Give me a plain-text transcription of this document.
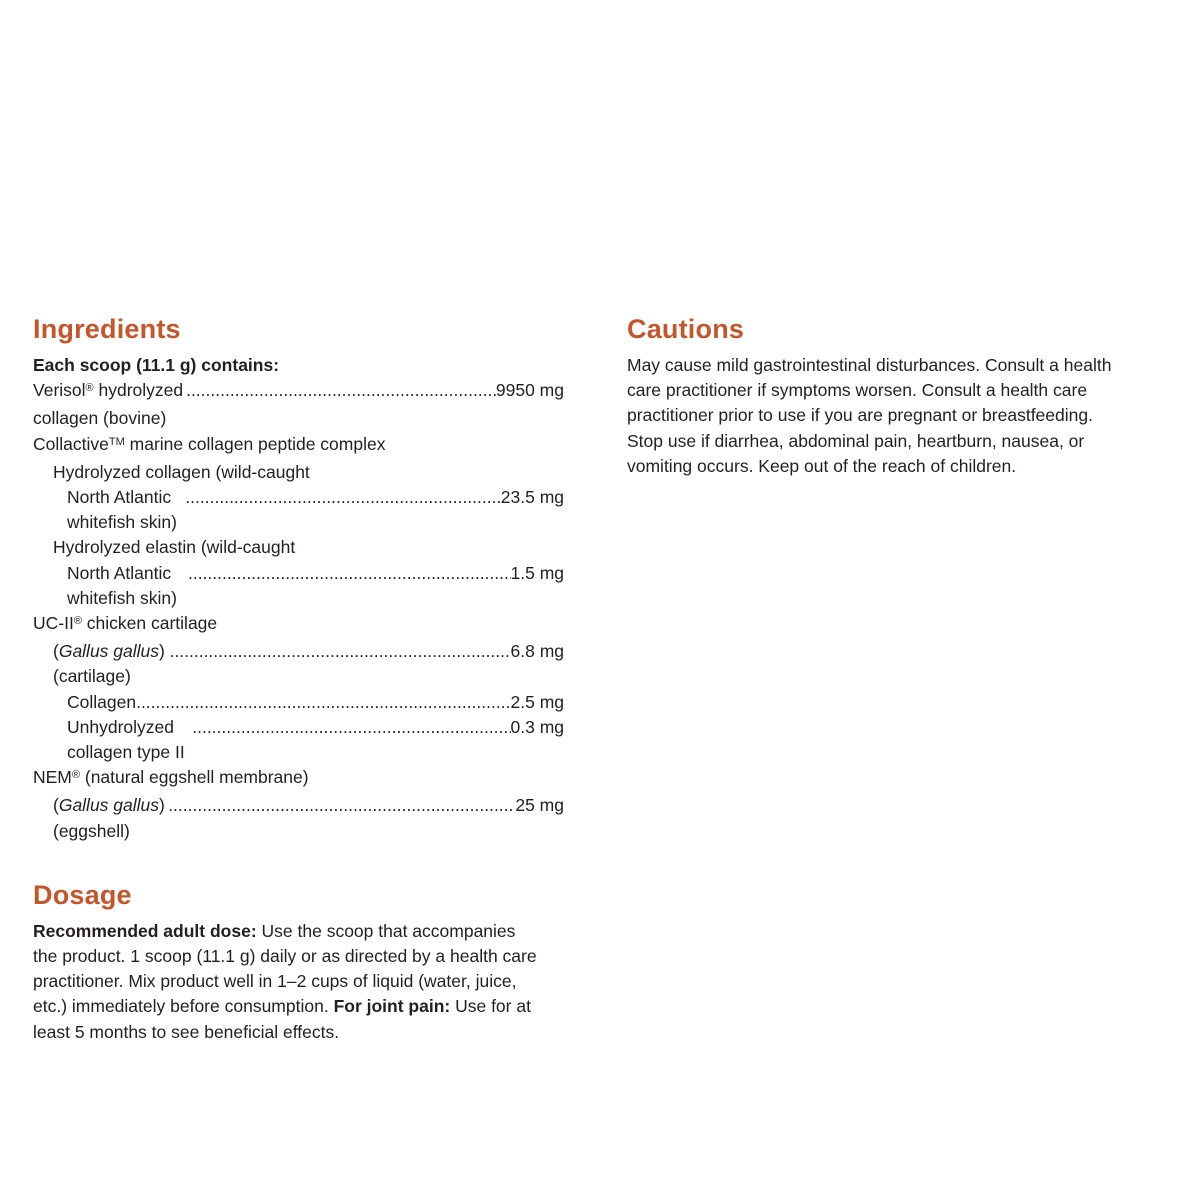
Ingredients
Each scoop (11.1 g) contains:
Verisol® hydrolyzed collagen (bovine)
.....
9950 mg
Collactive™ marine collagen peptide complex
Hydrolyzed collagen (wild-caught
North Atlantic whitefish skin)
.....
23.5 mg
Hydrolyzed elastin (wild-caught
North Atlantic whitefish skin)
.....
1.5 mg
UC-II® chicken cartilage
(Gallus gallus) (cartilage)
.....
6.8 mg
Collagen .....	2.5 mg
Unhydrolyzed collagen type II
.....
0.3 mg
NEM® (natural eggshell membrane)
(Gallus gallus) (eggshell)
.....
25 mg
Dosage
Recommended adult dose: Use the scoop that accompanies
the product. 1 scoop (11.1 g) daily or as directed by a health care
practitioner. Mix product well in 1–2 cups of liquid (water, juice,
etc.) immediately before consumption. For joint pain: Use for at
least 5 months to see beneficial effects.
Cautions
May cause mild gastrointestinal disturbances. Consult a health
care practitioner if symptoms worsen. Consult a health care
practitioner prior to use if you are pregnant or breastfeeding.
Stop use if diarrhea, abdominal pain, heartburn, nausea, or
vomiting occurs. Keep out of the reach of children.
